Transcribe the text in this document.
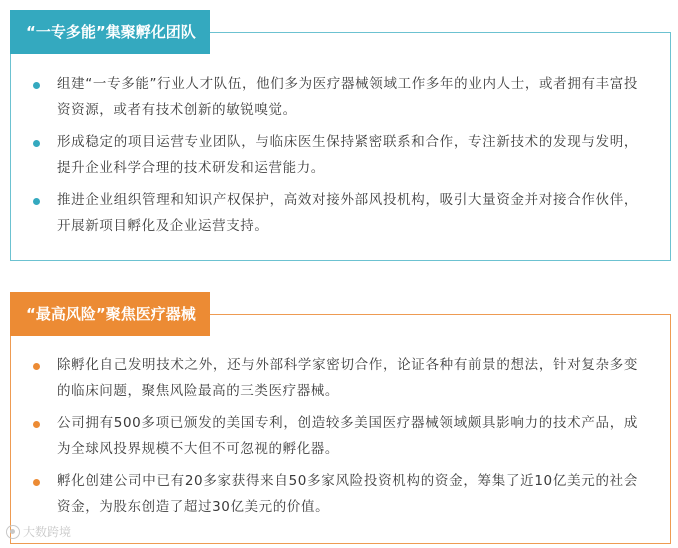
“一专多能”集聚孵化团队
组建“一专多能”行业人才队伍，他们多为医疗器械领域工作多年的业内人士，或者拥有丰富投资资源，或者有技术创新的敏锐嗅觉。
形成稳定的项目运营专业团队，与临床医生保持紧密联系和合作，专注新技术的发现与发明，提升企业科学合理的技术研发和运营能力。
推进企业组织管理和知识产权保护，高效对接外部风投机构，吸引大量资金并对接合作伙伴，开展新项目孵化及企业运营支持。
“最高风险”聚焦医疗器械
除孵化自己发明技术之外，还与外部科学家密切合作，论证各种有前景的想法，针对复杂多变的临床问题，聚焦风险最高的三类医疗器械。
公司拥有500多项已颁发的美国专利，创造较多美国医疗器械领域颇具影响力的技术产品，成为全球风投界规模不大但不可忽视的孵化器。
孵化创建公司中已有20多家获得来自50多家风险投资机构的资金，筹集了近10亿美元的社会资金，为股东创造了超过30亿美元的价值。
大数跨境
